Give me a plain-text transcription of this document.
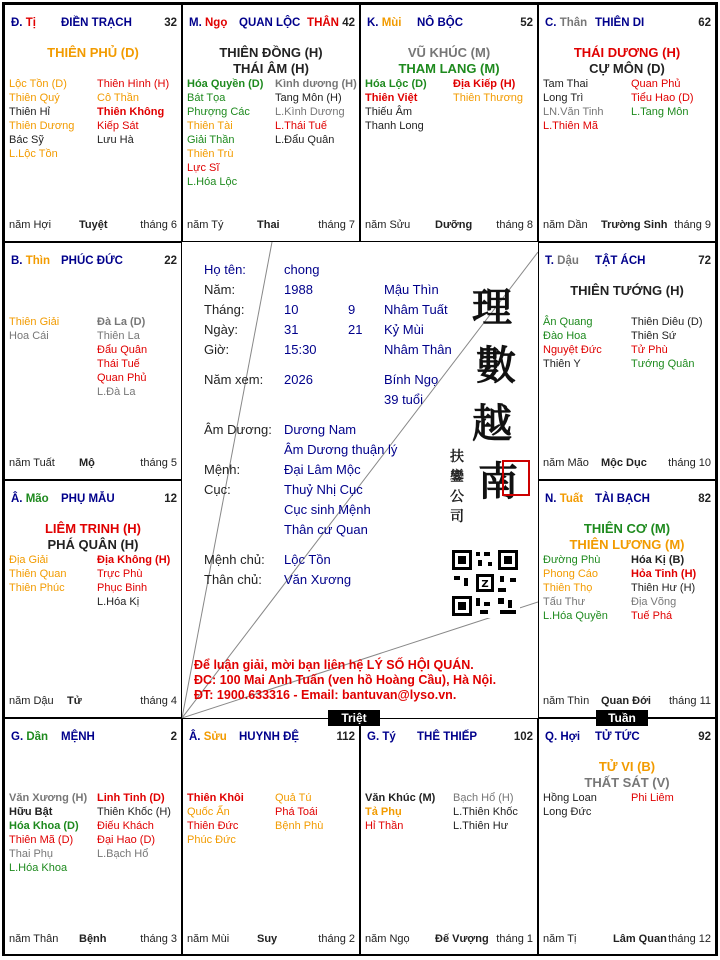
Đ. Tị ĐIỀN TRẠCH	32
THIÊN PHỦ (D)
Lộc Tồn (D)
Thiên Quý
Thiên Hỉ
Thiên Dương
Bác Sỹ
L.Lộc Tồn
Thiên Hình (H)
Cô Thần
Thiên Không
Kiếp Sát
Lưu Hà
năm Hợi	Tuyệt	tháng 6
M. Ngọ QUAN LỘC THÂN 42
THIÊN ĐỒNG (H)
THÁI ÂM (H)
Hóa Quyền (D)
Bát Tọa
Phượng Các
Thiên Tài
Giải Thần
Thiên Trù
Lực Sĩ
L.Hóa Lộc
Kình dương (H)
Tang Môn (H)
L.Kình Dương
L.Thái Tuế
L.Đẩu Quân
năm Tý	Thai	tháng 7
K. Mùi NÔ BỘC	52
VŨ KHÚC (M)
THAM LANG (M)
Hóa Lộc (D)
Thiên Việt
Thiếu Âm
Thanh Long
Địa Kiếp (H)
Thiên Thương
năm Sửu Dưỡng tháng 8
C. Thân THIÊN DI	62
THÁI DƯƠNG (H)
CỰ MÔN (D)
Tam Thai
Long Trì
LN.Văn Tinh
L.Thiên Mã
Quan Phủ
Tiểu Hao (D)
L.Tang Môn
năm Dần Trường Sinh tháng 9
B. Thìn PHÚC ĐỨC	22
Thiên Giải
Hoa Cái
Đà La (D)
Thiên La
Đẩu Quân
Thái Tuế
Quan Phủ
L.Đà La
năm Tuất Mộ	tháng 5
T. Dậu TẬT ÁCH	72
THIÊN TƯỚNG (H)
Ân Quang
Đào Hoa
Nguyệt Đức
Thiên Y
Thiên Diêu (D)
Thiên Sứ
Tử Phù
Tướng Quân
năm Mão Mộc Dục tháng 10
Â. Mão PHỤ MẪU	12
LIÊM TRINH (H)
PHÁ QUÂN (H)
Địa Giải
Thiên Quan
Thiên Phúc
Địa Không (H)
Trực Phù
Phục Binh
L.Hóa Kị
năm Dậu Tử	tháng 4
N. Tuất TÀI BẠCH	82
THIÊN CƠ (M)
THIÊN LƯƠNG (M)
Đường Phù
Phong Cáo
Thiên Thọ
Tấu Thư
L.Hóa Quyền
Hóa Kị (B)
Hỏa Tinh (H)
Thiên Hư (H)
Địa Võng
Tuế Phá
năm Thìn Quan Đới tháng 11
G. Dần MỆNH	2
Văn Xương (H)
Hữu Bật
Hóa Khoa (D)
Thiên Mã (D)
Thai Phụ
L.Hóa Khoa
Linh Tinh (D)
Thiên Khốc (H)
Điếu Khách
Đại Hao (D)
L.Bạch Hổ
năm Thân Bệnh	tháng 3
Â. Sửu HUYNH ĐỆ	112
Thiên Khôi
Quốc Ấn
Thiên Đức
Phúc Đức
Quả Tú
Phá Toái
Bệnh Phù
năm Mùi	Suy	tháng 2
G. Tý THÊ THIẾP	102
Văn Khúc (M)
Tả Phụ
Hỉ Thần
Bạch Hổ (H)
L.Thiên Khốc
L.Thiên Hư
năm Ngọ Đế Vượng tháng 1
Q. Hợi TỬ TỨC	92
TỬ VI (B)
THẤT SÁT (V)
Hồng Loan
Long Đức
Phi Liêm
năm Tị	Lâm Quan tháng 12
Họ tên:	chong
Năm:	1988	Mậu Thìn
Tháng:	10	9 Nhâm Tuất
Ngày:	31	21 Kỷ Mùi
Giờ:	15:30	Nhâm Thân
Năm xem: 2026	Bính Ngọ
39 tuổi
Âm Dương: Dương Nam
Âm Dương thuận lý
Mệnh:	Đại Lâm Mộc
Cục:	Thuỷ Nhị Cục
Cục sinh Mệnh
Thân cư Quan
Mệnh chủ: Lộc Tồn
Thân chủ: Văn Xương
理
數
越
南
扶 鑾 公 司
Z
Để luận giải, mời bạn liên hệ LÝ SỐ HỘI QUÁN.
ĐC: 100 Mai Anh Tuấn (ven hồ Hoàng Cầu), Hà Nội.
ĐT: 1900.633316 - Email: bantuvan@lyso.vn.
Triệt	Tuần
